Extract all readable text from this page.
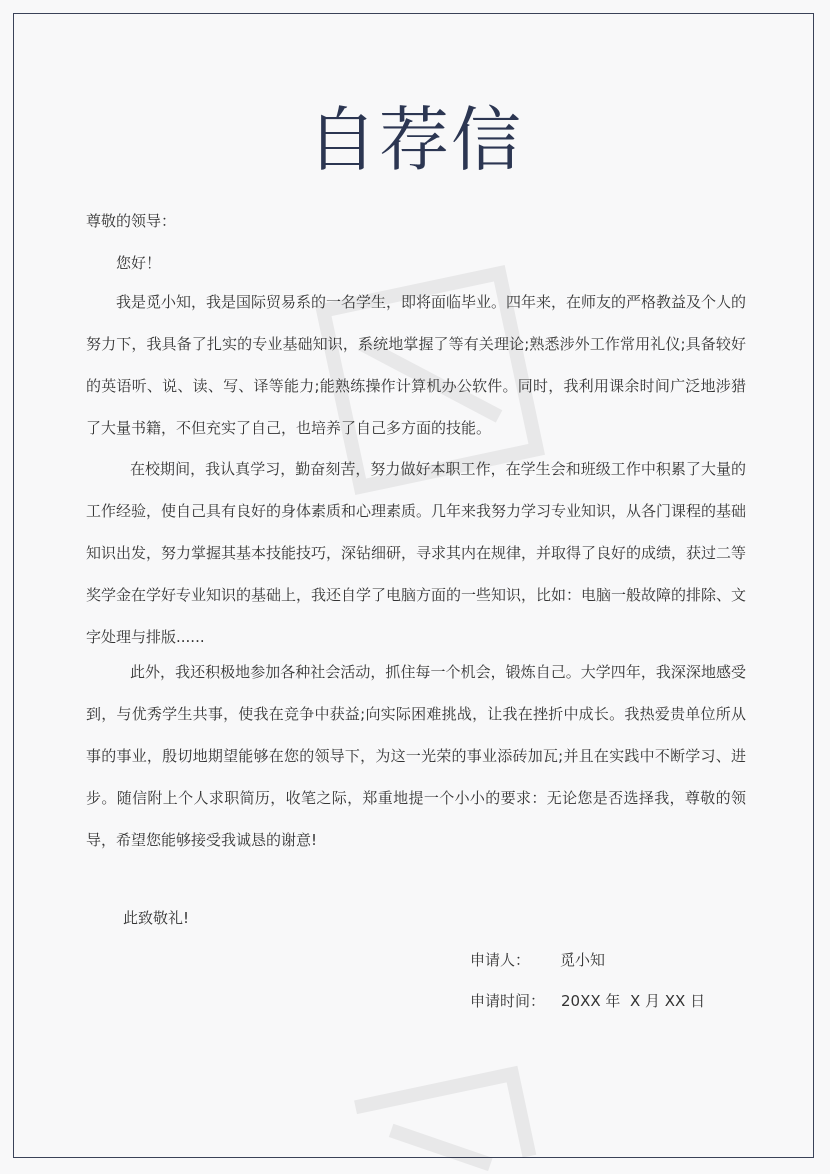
自荐信
尊敬的领导：
您好！
我是觅小知，我是国际贸易系的一名学生，即将面临毕业。四年来，在师友的严格教益及个人的努力下，我具备了扎实的专业基础知识，系统地掌握了等有关理论;熟悉涉外工作常用礼仪;具备较好的英语听、说、读、写、译等能力;能熟练操作计算机办公软件。同时，我利用课余时间广泛地涉猎了大量书籍，不但充实了自己，也培养了自己多方面的技能。
在校期间，我认真学习，勤奋刻苦，努力做好本职工作，在学生会和班级工作中积累了大量的工作经验，使自己具有良好的身体素质和心理素质。几年来我努力学习专业知识，从各门课程的基础知识出发，努力掌握其基本技能技巧，深钻细研，寻求其内在规律，并取得了良好的成绩，获过二等奖学金在学好专业知识的基础上，我还自学了电脑方面的一些知识，比如：电脑一般故障的排除、文字处理与排版......
此外，我还积极地参加各种社会活动，抓住每一个机会，锻炼自己。大学四年，我深深地感受到，与优秀学生共事，使我在竞争中获益;向实际困难挑战，让我在挫折中成长。我热爱贵单位所从事的事业，殷切地期望能够在您的领导下，为这一光荣的事业添砖加瓦;并且在实践中不断学习、进步。随信附上个人求职简历，收笔之际，郑重地提一个小小的要求：无论您是否选择我，尊敬的领导，希望您能够接受我诚恳的谢意!
此致敬礼!
申请人： 觅小知
申请时间： 20XX 年  X 月 XX 日
